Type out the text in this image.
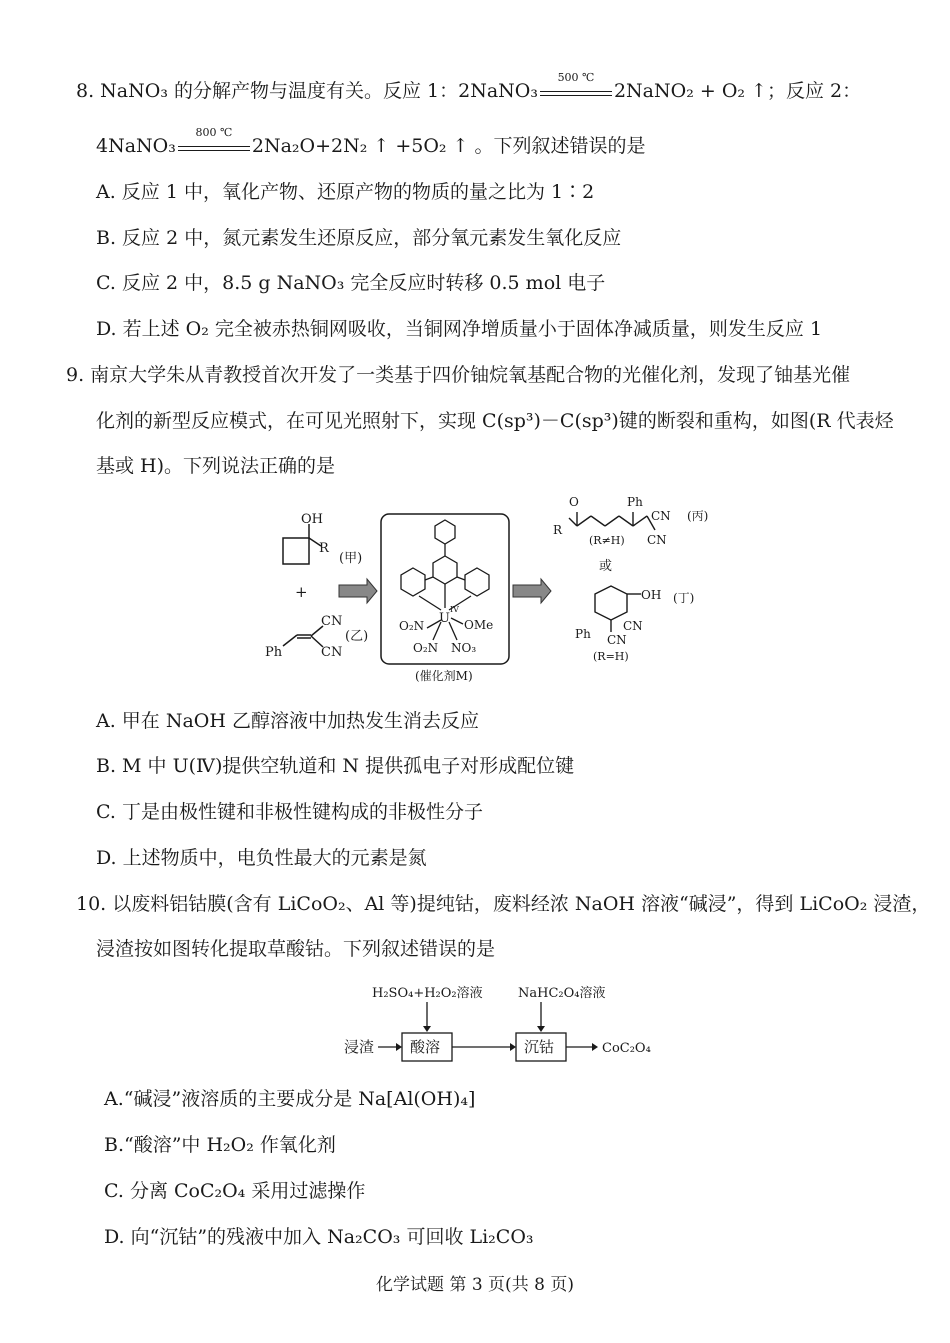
8. NaNO₃ 的分解产物与温度有关。反应 1：2NaNO₃
500 ℃
2NaNO₂ + O₂ ↑；反应 2：
4NaNO₃
800 ℃
2Na₂O+2N₂ ↑ +5O₂ ↑ 。下列叙述错误的是
A. 反应 1 中，氧化产物、还原产物的物质的量之比为 1∶2
B. 反应 2 中，氮元素发生还原反应，部分氧元素发生氧化反应
C. 反应 2 中，8.5 g NaNO₃ 完全反应时转移 0.5 mol 电子
D. 若上述 O₂ 完全被赤热铜网吸收，当铜网净增质量小于固体净减质量，则发生反应 1
9. 南京大学朱从青教授首次开发了一类基于四价铀烷氧基配合物的光催化剂，发现了铀基光催
化剂的新型反应模式，在可见光照射下，实现 C(sp³)－C(sp³)键的断裂和重构，如图(R 代表烃
基或 H)。下列说法正确的是
OH
R
(甲)
+
Ph
CN
CN
(乙)
U
IV
OMe
O₂N
O₂N NO₃
(催化剂M)
O
R
Ph
CN
CN
(丙)
(R≠H)
或
OH (丁)
Ph
CN
CN
(R=H)
A. 甲在 NaOH 乙醇溶液中加热发生消去反应
B. M 中 U(Ⅳ)提供空轨道和 N 提供孤电子对形成配位键
C. 丁是由极性键和非极性键构成的非极性分子
D. 上述物质中，电负性最大的元素是氮
10. 以废料铝钴膜(含有 LiCoO₂、Al 等)提纯钴，废料经浓 NaOH 溶液“碱浸”，得到 LiCoO₂ 浸渣，
浸渣按如图转化提取草酸钴。下列叙述错误的是
H₂SO₄+H₂O₂溶液	NaHC₂O₄溶液
浸渣 酸溶	沉钴	CoC₂O₄
A.“碱浸”液溶质的主要成分是 Na[Al(OH)₄]
B.“酸溶”中 H₂O₂ 作氧化剂
C. 分离 CoC₂O₄ 采用过滤操作
D. 向“沉钴”的残液中加入 Na₂CO₃ 可回收 Li₂CO₃
化学试题 第 3 页(共 8 页)
